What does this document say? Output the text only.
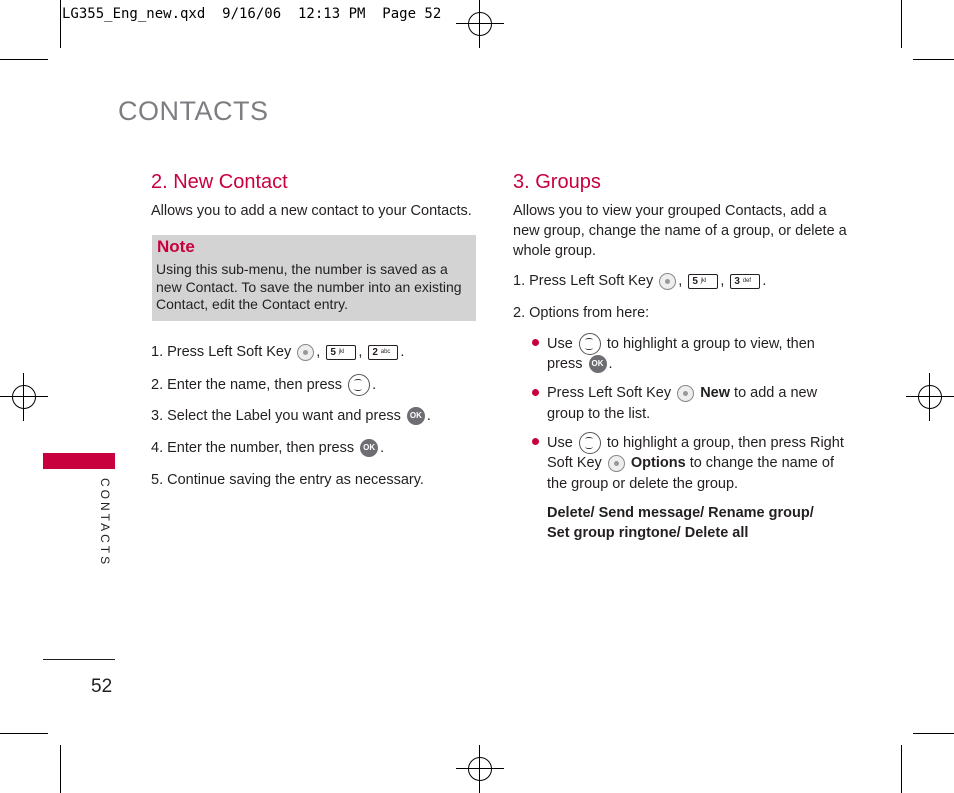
LG355_Eng_new.qxd  9/16/06  12:13 PM  Page 52
CONTACTS
CONTACTS
52
2. New Contact
Allows you to add a new contact to your Contacts.
Note
Using this sub-menu, the number is saved as a new Contact. To save the number into an existing Contact, edit the Contact entry.
1. Press Left Soft Key , 5 $^{jkl}$ , 2 $^{abc}$ .
2. Enter the name, then press .
3. Select the Label you want and press OK .
4. Enter the number, then press OK .
5. Continue saving the entry as necessary.
3. Groups
Allows you to view your grouped Contacts, add a new group, change the name of a group, or delete a whole group.
1. Press Left Soft Key , 5 $^{jkl}$ , 3 $^{def}$ .
2. Options from here:
Use to highlight a group to view, then
press OK .
Press Left Soft Key New to add a new
group to the list.
Use to highlight a group, then press Right
Soft Key Options to change the name of
the group or delete the group.
Delete/ Send message/ Rename group/
Set group ringtone/ Delete all
